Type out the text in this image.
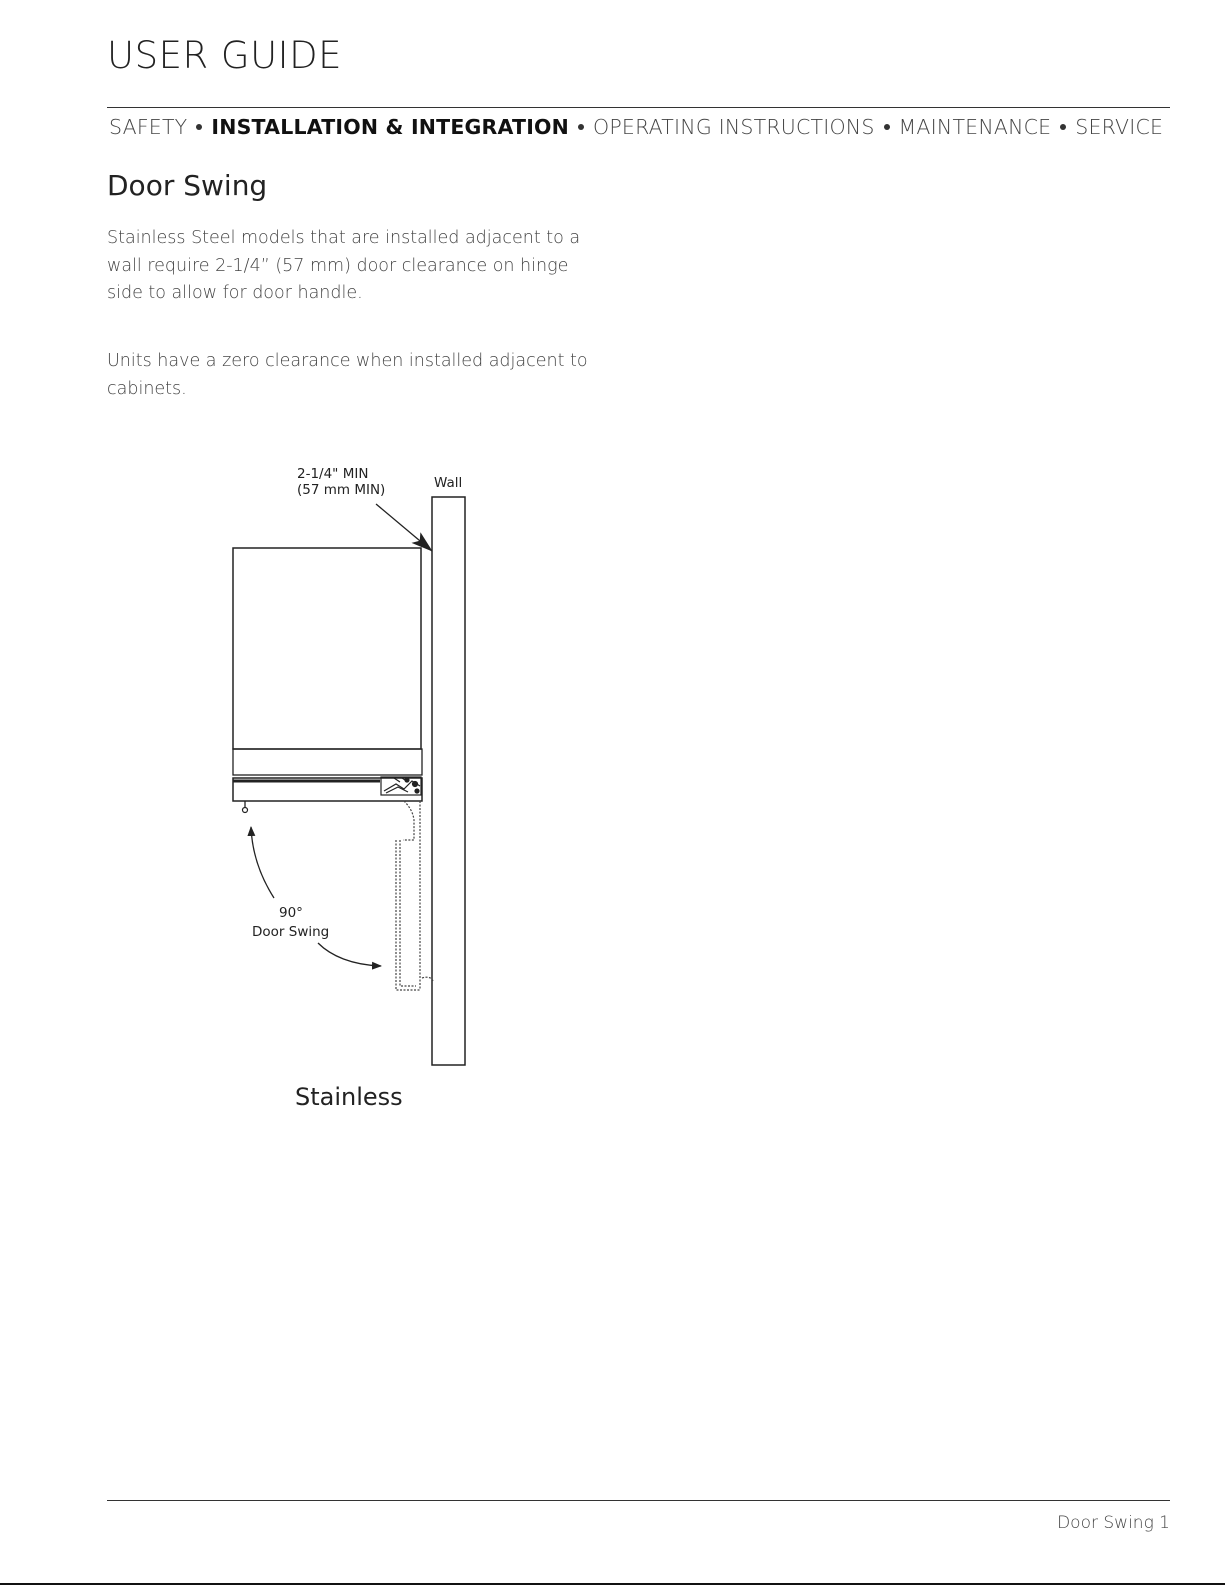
USER GUIDE
SAFETY INSTALLATION & INTEGRATION OPERATING INSTRUCTIONS MAINTENANCE SERVICE
Door Swing

Stainless Steel models that are installed adjacent to a wall require 2-1/4” (57 mm) door clearance on hinge side to allow for door handle.

Units have a zero clearance when installed adjacent to cabinets.

2-1/4" MIN
(57 mm MIN)	Wall
90°
Door Swing
Stainless

Door Swing 1
